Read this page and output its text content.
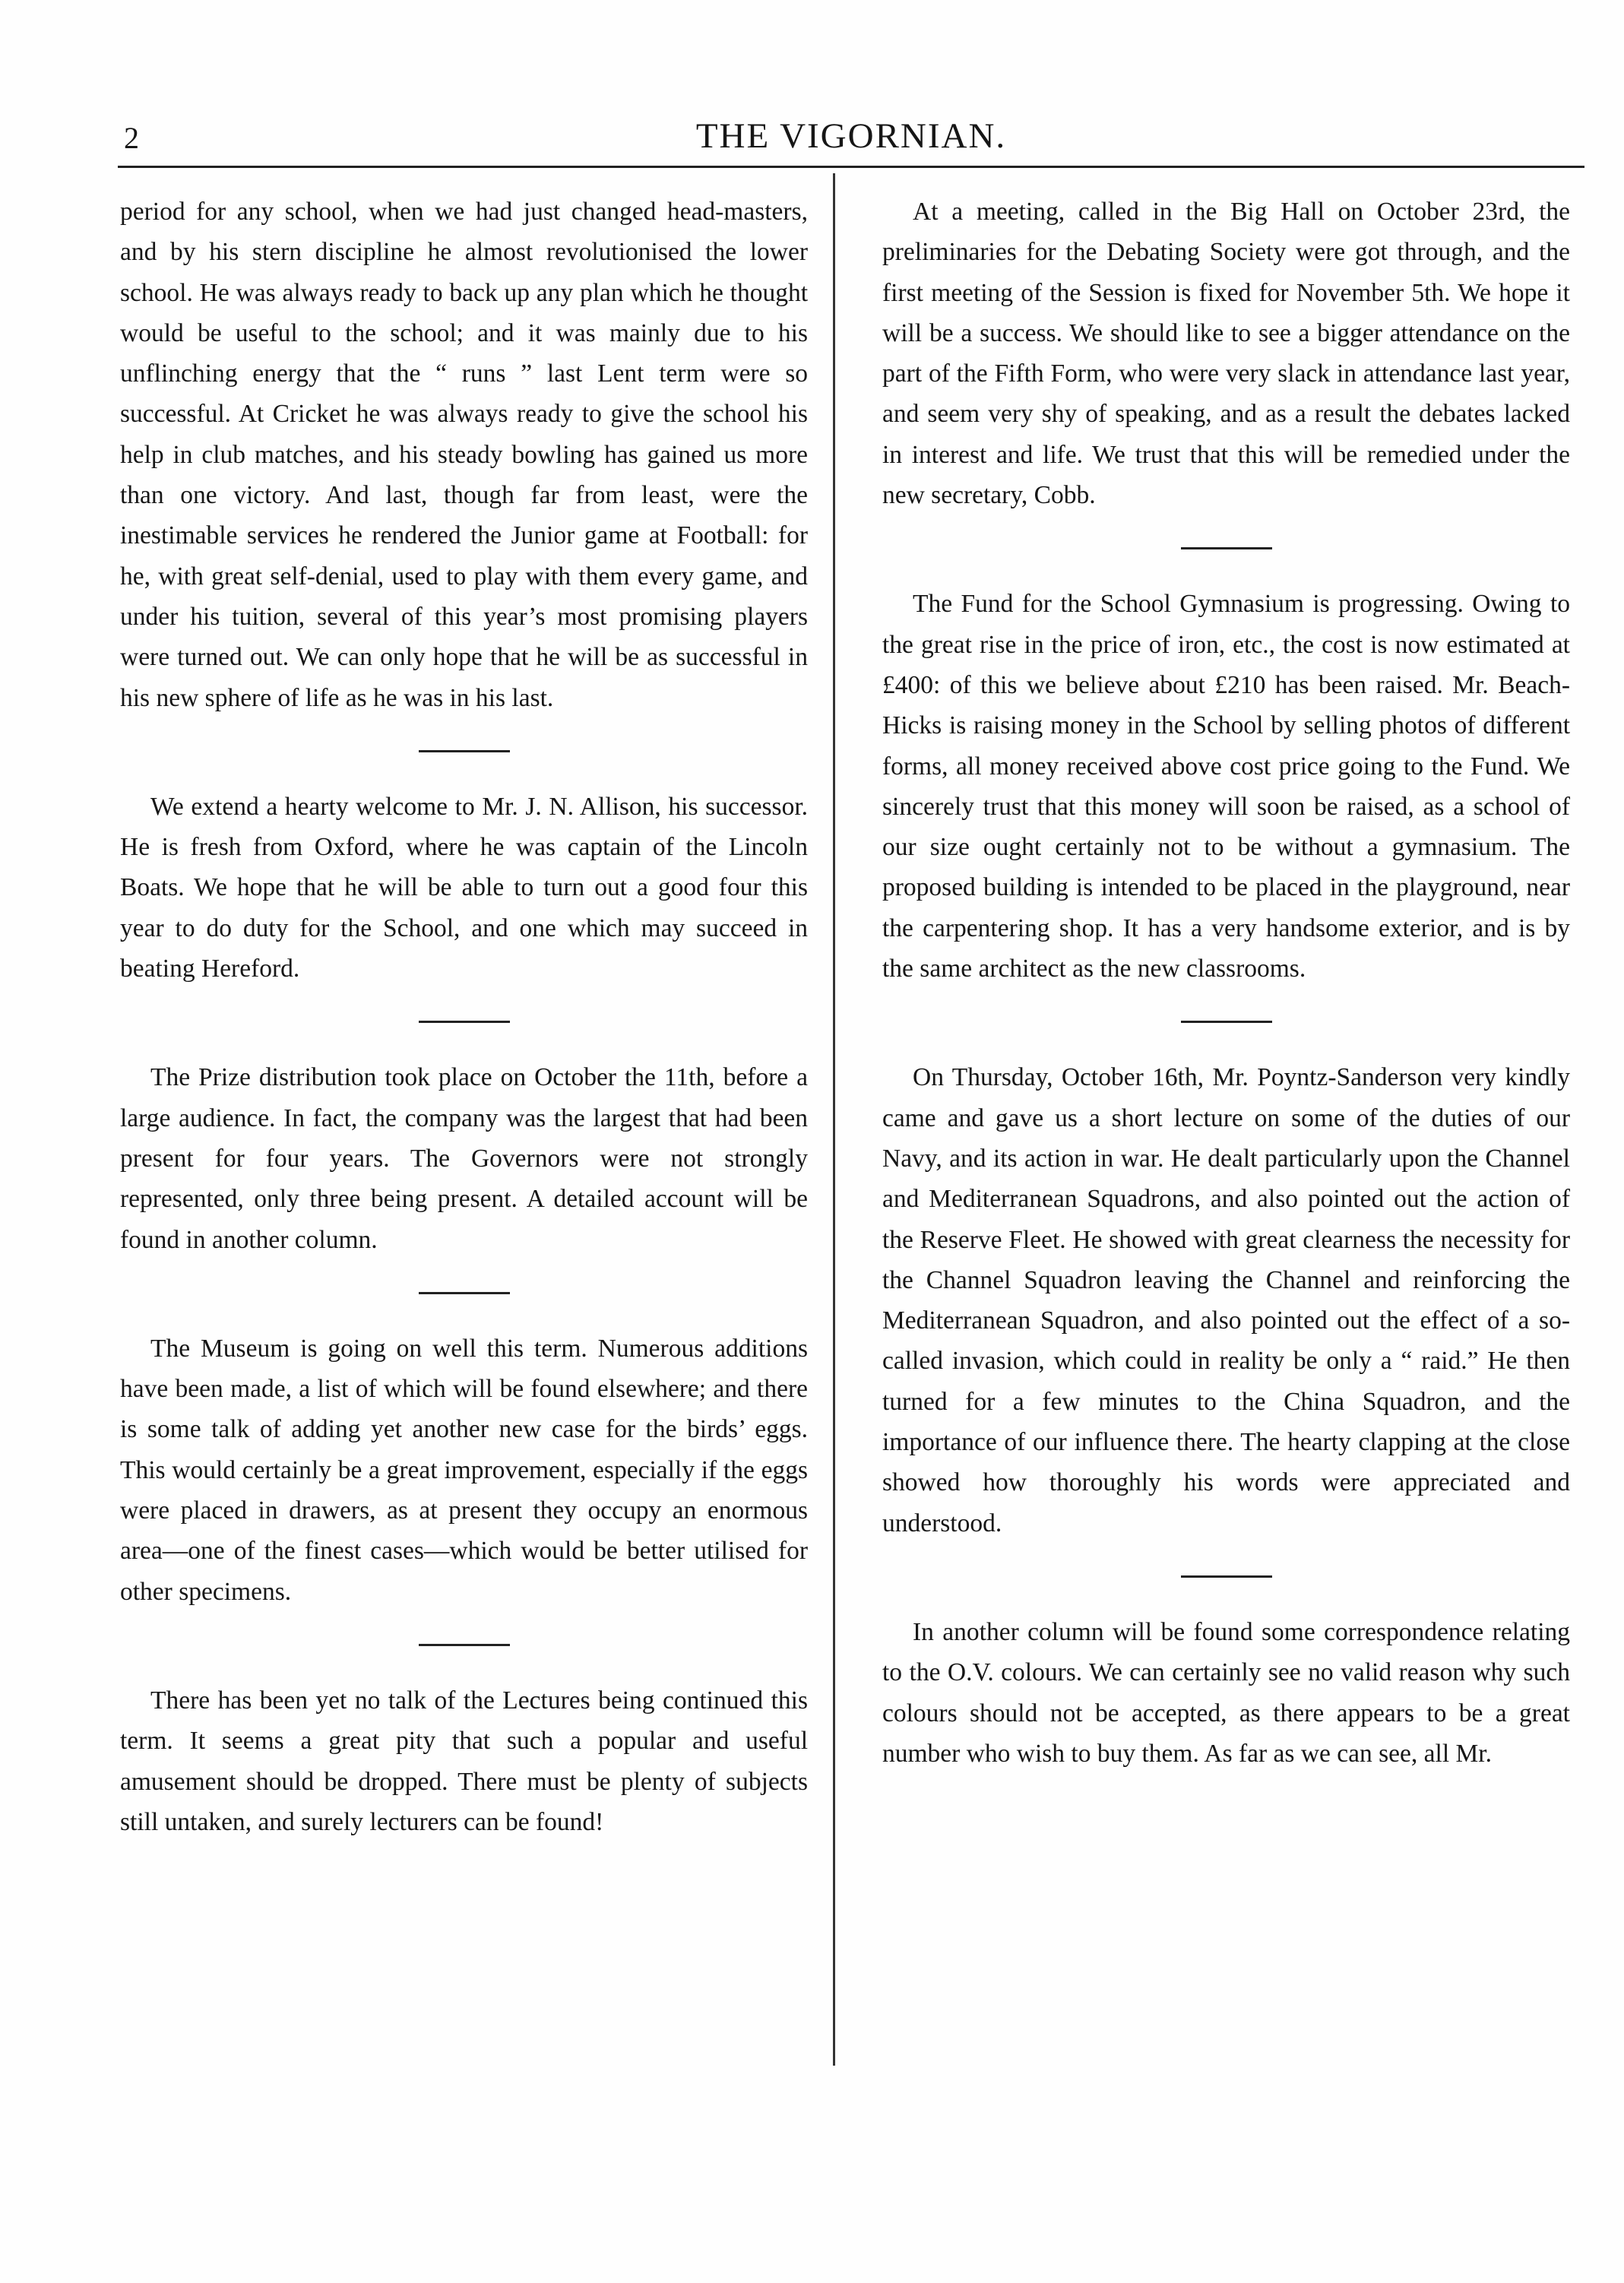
2	THE VIGORNIAN.

period for any school, when we had just changed head-masters, and by his stern discipline he almost revolutionised the lower school. He was always ready to back up any plan which he thought would be useful to the school; and it was mainly due to his unflinching energy that the “ runs ” last Lent term were so successful. At Cricket he was always ready to give the school his help in club matches, and his steady bowling has gained us more than one victory. And last, though far from least, were the inestimable services he rendered the Junior game at Football: for he, with great self-denial, used to play with them every game, and under his tuition, several of this year’s most promising players were turned out. We can only hope that he will be as successful in his new sphere of life as he was in his last.

We extend a hearty welcome to Mr. J. N. Allison, his successor. He is fresh from Oxford, where he was captain of the Lincoln Boats. We hope that he will be able to turn out a good four this year to do duty for the School, and one which may succeed in beating Hereford.

The Prize distribution took place on October the 11th, before a large audience. In fact, the company was the largest that had been present for four years. The Governors were not strongly represented, only three being present. A detailed account will be found in another column.

The Museum is going on well this term. Numerous additions have been made, a list of which will be found elsewhere; and there is some talk of adding yet another new case for the birds’ eggs. This would certainly be a great improvement, especially if the eggs were placed in drawers, as at present they occupy an enormous area—one of the finest cases—which would be better utilised for other specimens.

There has been yet no talk of the Lectures being continued this term. It seems a great pity that such a popular and useful amusement should be dropped. There must be plenty of subjects still untaken, and surely lecturers can be found!

At a meeting, called in the Big Hall on October 23rd, the preliminaries for the Debating Society were got through, and the first meeting of the Session is fixed for November 5th. We hope it will be a success. We should like to see a bigger attendance on the part of the Fifth Form, who were very slack in attendance last year, and seem very shy of speaking, and as a result the debates lacked in interest and life. We trust that this will be remedied under the new secretary, Cobb.

The Fund for the School Gymnasium is progressing. Owing to the great rise in the price of iron, etc., the cost is now estimated at £400: of this we believe about £210 has been raised. Mr. Beach-Hicks is raising money in the School by selling photos of different forms, all money received above cost price going to the Fund. We sincerely trust that this money will soon be raised, as a school of our size ought certainly not to be without a gymnasium. The proposed building is intended to be placed in the playground, near the carpentering shop. It has a very handsome exterior, and is by the same architect as the new classrooms.

On Thursday, October 16th, Mr. Poyntz-Sanderson very kindly came and gave us a short lecture on some of the duties of our Navy, and its action in war. He dealt particularly upon the Channel and Mediterranean Squadrons, and also pointed out the action of the Reserve Fleet. He showed with great clearness the necessity for the Channel Squadron leaving the Channel and reinforcing the Mediterranean Squadron, and also pointed out the effect of a so-called invasion, which could in reality be only a “ raid.” He then turned for a few minutes to the China Squadron, and the importance of our influence there. The hearty clapping at the close showed how thoroughly his words were appreciated and understood.

In another column will be found some correspondence relating to the O.V. colours. We can certainly see no valid reason why such colours should not be accepted, as there appears to be a great number who wish to buy them. As far as we can see, all Mr.
